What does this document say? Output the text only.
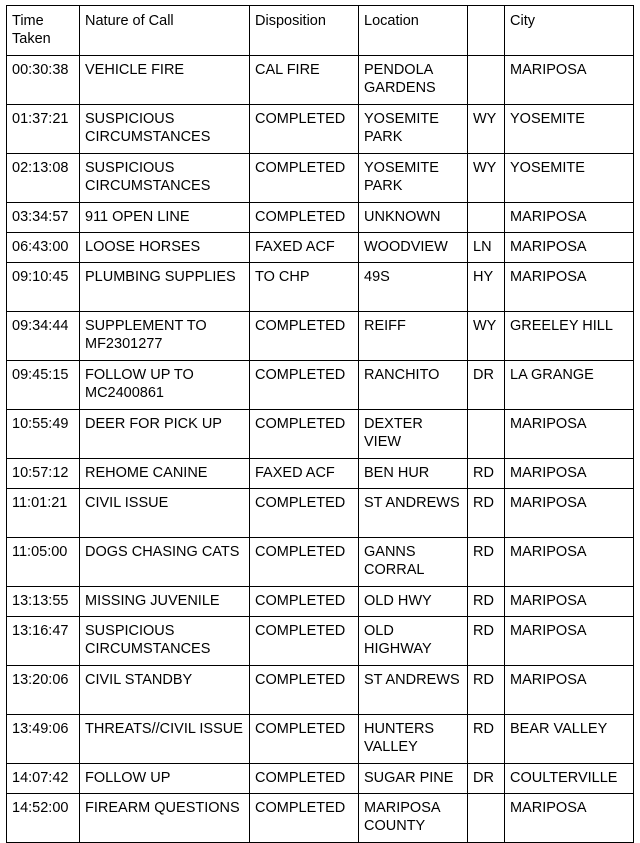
Time Taken	Nature of Call	Disposition	Location		City
00:30:38	VEHICLE FIRE	CAL FIRE	PENDOLA GARDENS		MARIPOSA
01:37:21	SUSPICIOUS CIRCUMSTANCES	COMPLETED	YOSEMITE PARK	WY	YOSEMITE
02:13:08	SUSPICIOUS CIRCUMSTANCES	COMPLETED	YOSEMITE PARK	WY	YOSEMITE
03:34:57	911 OPEN LINE	COMPLETED	UNKNOWN		MARIPOSA
06:43:00	LOOSE HORSES	FAXED ACF	WOODVIEW	LN	MARIPOSA
09:10:45	PLUMBING SUPPLIES	TO CHP	49S	HY	MARIPOSA
09:34:44	SUPPLEMENT TO MF2301277	COMPLETED	REIFF	WY	GREELEY HILL
09:45:15	FOLLOW UP TO MC2400861	COMPLETED	RANCHITO	DR	LA GRANGE
10:55:49	DEER FOR PICK UP	COMPLETED	DEXTER VIEW		MARIPOSA
10:57:12	REHOME CANINE	FAXED ACF	BEN HUR	RD	MARIPOSA
11:01:21	CIVIL ISSUE	COMPLETED	ST ANDREWS	RD	MARIPOSA
11:05:00	DOGS CHASING CATS	COMPLETED	GANNS CORRAL	RD	MARIPOSA
13:13:55	MISSING JUVENILE	COMPLETED	OLD HWY	RD	MARIPOSA
13:16:47	SUSPICIOUS CIRCUMSTANCES	COMPLETED	OLD HIGHWAY	RD	MARIPOSA
13:20:06	CIVIL STANDBY	COMPLETED	ST ANDREWS	RD	MARIPOSA
13:49:06	THREATS//CIVIL ISSUE	COMPLETED	HUNTERS VALLEY	RD	BEAR VALLEY
14:07:42	FOLLOW UP	COMPLETED	SUGAR PINE	DR	COULTERVILLE
14:52:00	FIREARM QUESTIONS	COMPLETED	MARIPOSA COUNTY		MARIPOSA
